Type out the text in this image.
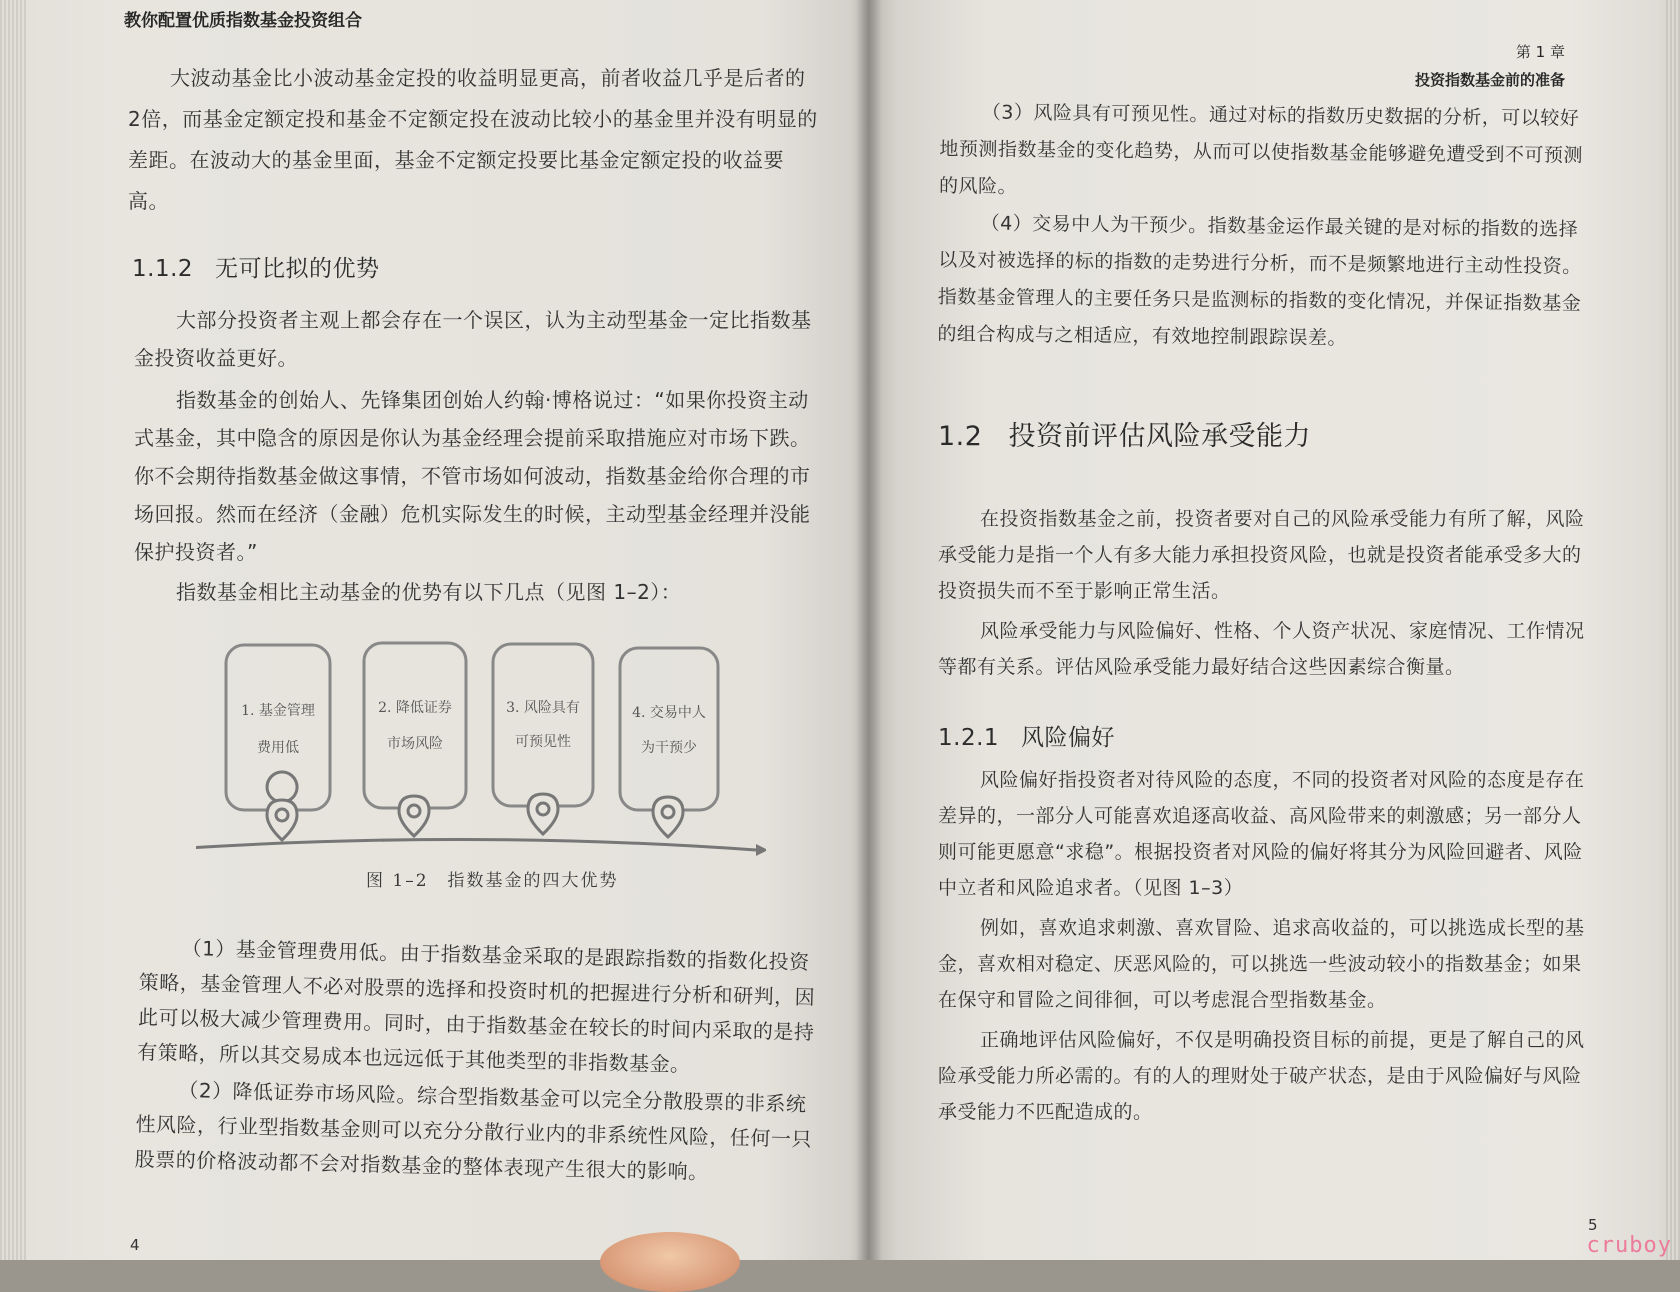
教你配置优质指数基金投资组合

大波动基金比小波动基金定投的收益明显更高，前者收益几乎是后者的2倍，而基金定额定投和基金不定额定投在波动比较小的基金里并没有明显的差距。在波动大的基金里面，基金不定额定投要比基金定额定投的收益要高。

1.1.2 无可比拟的优势

大部分投资者主观上都会存在一个误区，认为主动型基金一定比指数基金投资收益更好。

指数基金的创始人、先锋集团创始人约翰·博格说过：“如果你投资主动式基金，其中隐含的原因是你认为基金经理会提前采取措施应对市场下跌。你不会期待指数基金做这事情，不管市场如何波动，指数基金给你合理的市场回报。然而在经济（金融）危机实际发生的时候，主动型基金经理并没能保护投资者。”

指数基金相比主动基金的优势有以下几点（见图 1–2）：

1. 基金管理
费用低
2. 降低证券
市场风险
3. 风险具有
可预见性
4. 交易中人
为干预少
图 1–2　指数基金的四大优势

（1）基金管理费用低。由于指数基金采取的是跟踪指数的指数化投资策略，基金管理人不必对股票的选择和投资时机的把握进行分析和研判，因此可以极大减少管理费用。同时，由于指数基金在较长的时间内采取的是持有策略，所以其交易成本也远远低于其他类型的非指数基金。

（2）降低证券市场风险。综合型指数基金可以完全分散股票的非系统性风险，行业型指数基金则可以充分分散行业内的非系统性风险，任何一只股票的价格波动都不会对指数基金的整体表现产生很大的影响。

4
第 1 章
投资指数基金前的准备

（3）风险具有可预见性。通过对标的指数历史数据的分析，可以较好地预测指数基金的变化趋势，从而可以使指数基金能够避免遭受到不可预测的风险。

（4）交易中人为干预少。指数基金运作最关键的是对标的指数的选择以及对被选择的标的指数的走势进行分析，而不是频繁地进行主动性投资。指数基金管理人的主要任务只是监测标的指数的变化情况，并保证指数基金的组合构成与之相适应，有效地控制跟踪误差。

1.2 投资前评估风险承受能力

在投资指数基金之前，投资者要对自己的风险承受能力有所了解，风险承受能力是指一个人有多大能力承担投资风险，也就是投资者能承受多大的投资损失而不至于影响正常生活。

风险承受能力与风险偏好、性格、个人资产状况、家庭情况、工作情况等都有关系。评估风险承受能力最好结合这些因素综合衡量。

1.2.1 风险偏好

风险偏好指投资者对待风险的态度，不同的投资者对风险的态度是存在差异的，一部分人可能喜欢追逐高收益、高风险带来的刺激感；另一部分人则可能更愿意“求稳”。根据投资者对风险的偏好将其分为风险回避者、风险中立者和风险追求者。（见图 1–3）

例如，喜欢追求刺激、喜欢冒险、追求高收益的，可以挑选成长型的基金，喜欢相对稳定、厌恶风险的，可以挑选一些波动较小的指数基金；如果在保守和冒险之间徘徊，可以考虑混合型指数基金。

正确地评估风险偏好，不仅是明确投资目标的前提，更是了解自己的风险承受能力所必需的。有的人的理财处于破产状态，是由于风险偏好与风险承受能力不匹配造成的。

5
cruboy
